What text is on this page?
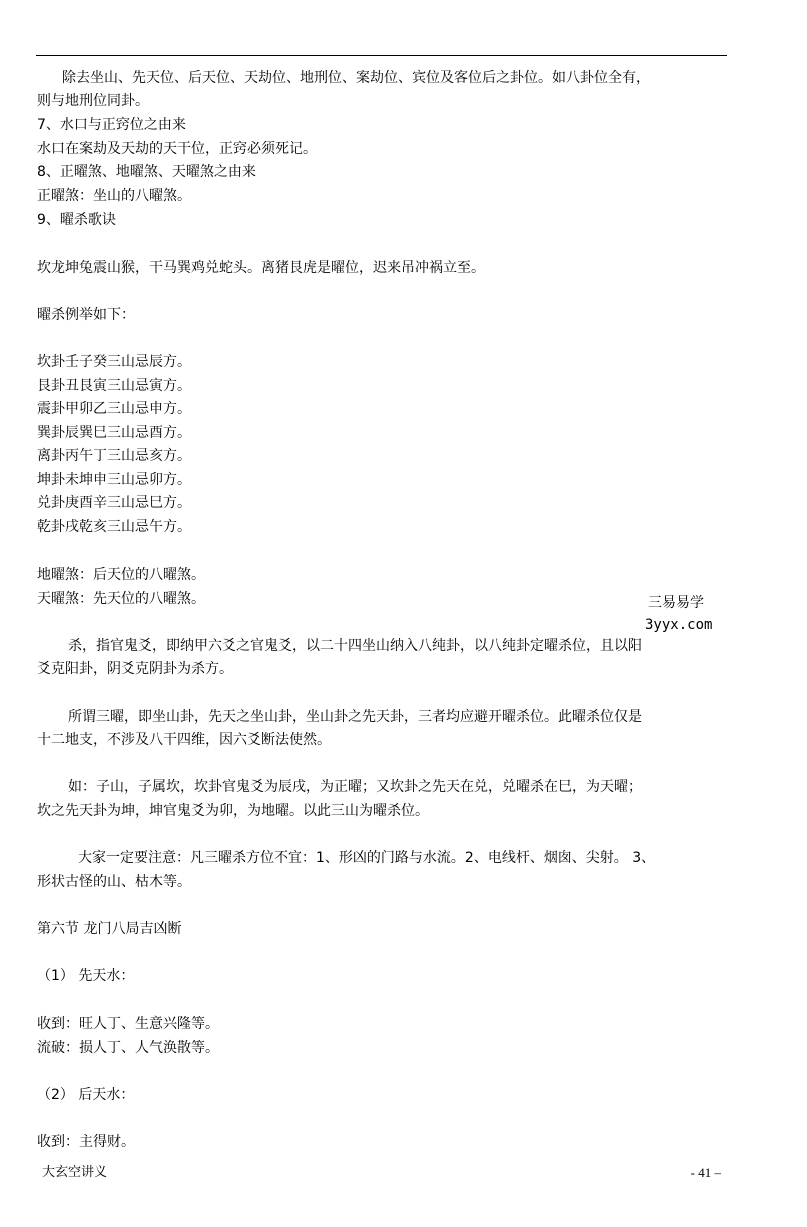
除去坐山、先天位、后天位、天劫位、地刑位、案劫位、宾位及客位后之卦位。如八卦位全有，
则与地刑位同卦。
7、水口与正窍位之由来
水口在案劫及天劫的天干位，正窍必须死记。
8、正曜煞、地曜煞、天曜煞之由来
正曜煞：坐山的八曜煞。
9、曜杀歌诀
坎龙坤兔震山猴，干马巽鸡兑蛇头。离猪艮虎是曜位，迟来吊冲祸立至。
曜杀例举如下：
坎卦壬子癸三山忌辰方。
艮卦丑艮寅三山忌寅方。
震卦甲卯乙三山忌申方。
巽卦辰巽巳三山忌酉方。
离卦丙午丁三山忌亥方。
坤卦未坤申三山忌卯方。
兑卦庚酉辛三山忌巳方。
乾卦戌乾亥三山忌午方。
地曜煞：后天位的八曜煞。
天曜煞：先天位的八曜煞。	三易易学
3yyx.com
杀，指官鬼爻，即纳甲六爻之官鬼爻，以二十四坐山纳入八纯卦，以八纯卦定曜杀位，且以阳
爻克阳卦，阴爻克阴卦为杀方。
所谓三曜，即坐山卦，先天之坐山卦，坐山卦之先天卦，三者均应避开曜杀位。此曜杀位仅是
十二地支，不涉及八干四维，因六爻断法使然。
如：子山，子属坎，坎卦官鬼爻为辰戌，为正曜；又坎卦之先天在兑，兑曜杀在巳，为天曜；
坎之先天卦为坤，坤官鬼爻为卯，为地曜。以此三山为曜杀位。
大家一定要注意：凡三曜杀方位不宜：1、形凶的门路与水流。2、电线杆、烟囱、尖射。 3、
形状古怪的山、枯木等。
第六节 龙门八局吉凶断
（1） 先天水：
收到：旺人丁、生意兴隆等。
流破：损人丁、人气涣散等。
（2） 后天水：
收到：主得财。
大玄空讲义	- 41 –
